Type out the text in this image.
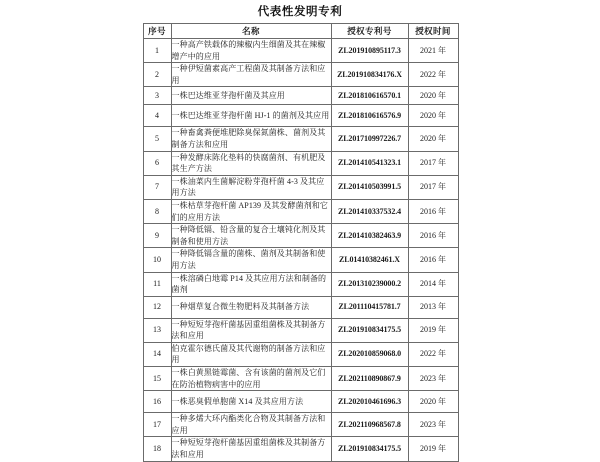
代表性发明专利
序号	名称	授权专利号	授权时间
1	一种高产铁载体的辣椒内生细菌及其在辣椒增产中的应用	ZL201910895117.3	2021 年
2	一种伊短菌素高产工程菌及其制备方法和应用	ZL201910834176.X	2022 年
3	一株巴达维亚芽孢杆菌及其应用	ZL201810616570.1	2020 年
4	一株巴达维亚芽孢杆菌 HJ-1 的菌剂及其应用	ZL201810616576.9	2020 年
5	一种畜禽粪便堆肥除臭保氮菌株、菌剂及其制备方法和应用	ZL201710997226.7	2020 年
6	一种发酵床陈化垫料的快腐菌剂、有机肥及其生产方法	ZL201410541323.1	2017 年
7	一株油菜内生菌解淀粉芽孢杆菌 4-3 及其应用方法	ZL201410503991.5	2017 年
8	一株枯草芽孢杆菌 AP139 及其发酵菌剂和它们的应用方法	ZL201410337532.4	2016 年
9	一种降低镉、铅含量的复合土壤钝化剂及其制备和使用方法	ZL201410382463.9	2016 年
10	一种降低镉含量的菌株、菌剂及其制备和使用方法	ZL01410382461.X	2016 年
11	一株溶磷白地霉 P14 及其应用方法和制备的菌剂	ZL201310239000.2	2014 年
12	一种烟草复合微生物肥料及其制备方法	ZL201110415781.7	2013 年
13	一种短短芽孢杆菌基因重组菌株及其制备方法和应用	ZL201910834175.5	2019 年
14	伯克霍尔德氏菌及其代谢物的制备方法和应用	ZL202010859068.0	2022 年
15	一株白黄黑链霉菌、含有该菌的菌剂及它们在防治植物病害中的应用	ZL202110890867.9	2023 年
16	一株恶臭假单胞菌 X14 及其应用方法	ZL202010461696.3	2020 年
17	一种多烯大环内酯类化合物及其制备方法和应用	ZL202110968567.8	2023 年
18	一种短短芽孢杆菌基因重组菌株及其制备方法和应用	ZL201910834175.5	2019 年
